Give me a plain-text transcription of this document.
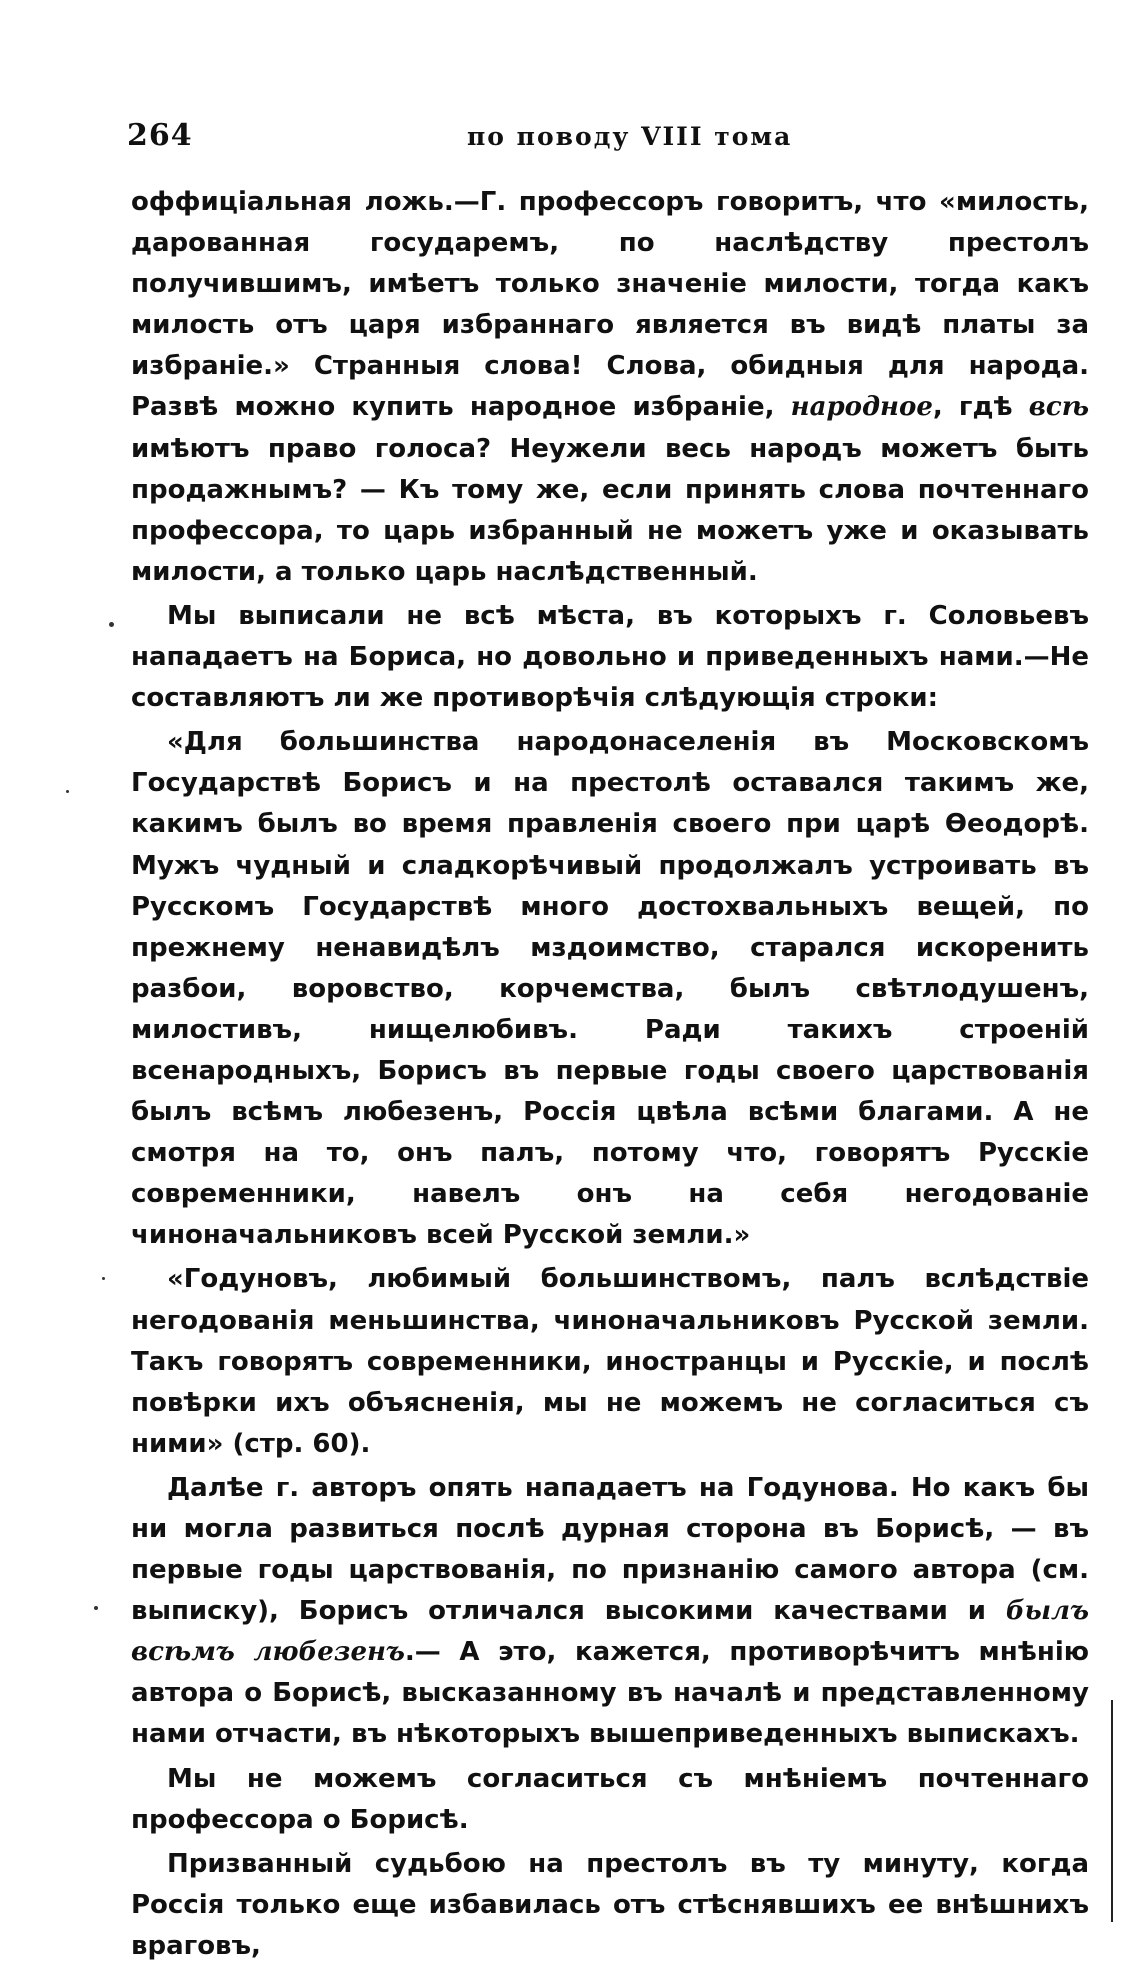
264	по поводу VIII тома

оффиціальная ложь.—Г. профессоръ говоритъ, что «милость, дарованная государемъ, по наслѣдству престолъ получившимъ, имѣетъ только значеніе милости, тогда какъ милость отъ царя избраннаго является въ видѣ платы за избраніе.» Странныя слова! Слова, обидныя для народа. Развѣ можно купить народное избраніе, народное, гдѣ всѣ имѣютъ право голоса? Неужели весь народъ можетъ быть продажнымъ? — Къ тому же, если принять слова почтеннаго профессора, то царь избранный не можетъ уже и оказывать милости, а только царь наслѣдственный.

Мы выписали не всѣ мѣста, въ которыхъ г. Соловьевъ нападаетъ на Бориса, но довольно и приведенныхъ нами.—Не составляютъ ли же противорѣчія слѣдующія строки:

«Для большинства народонаселенія въ Московскомъ Государствѣ Борисъ и на престолѣ оставался такимъ же, какимъ былъ во время правленія своего при царѣ Ѳеодорѣ. Мужъ чудный и сладкорѣчивый продолжалъ устроивать въ Русскомъ Государствѣ много достохвальныхъ вещей, по прежнему ненавидѣлъ мздоимство, старался искоренить разбои, воровство, корчемства, былъ свѣтлодушенъ, милостивъ, нищелюбивъ. Ради такихъ строеній всенародныхъ, Борисъ въ первые годы своего царствованія былъ всѣмъ любезенъ, Россія цвѣла всѣми благами. А не смотря на то, онъ палъ, потому что, говорятъ Русскіе современники, навелъ онъ на себя негодованіе чиноначальниковъ всей Русской земли.»

«Годуновъ, любимый большинствомъ, палъ вслѣдствіе негодованія меньшинства, чиноначальниковъ Русской земли. Такъ говорятъ современники, иностранцы и Русскіе, и послѣ повѣрки ихъ объясненія, мы не можемъ не согласиться съ ними» (стр. 60).

Далѣе г. авторъ опять нападаетъ на Годунова. Но какъ бы ни могла развиться послѣ дурная сторона въ Борисѣ, — въ первые годы царствованія, по признанію самого автора (см. выписку), Борисъ отличался высокими качествами и былъ всѣмъ любезенъ.— А это, кажется, противорѣчитъ мнѣнію автора о Борисѣ, высказанному въ началѣ и представленному нами отчасти, въ нѣкоторыхъ вышеприведенныхъ выпискахъ.

Мы не можемъ согласиться съ мнѣніемъ почтеннаго профессора о Борисѣ.

Призванный судьбою на престолъ въ ту минуту, когда Россія только еще избавилась отъ стѣснявшихъ ее внѣшнихъ враговъ,
